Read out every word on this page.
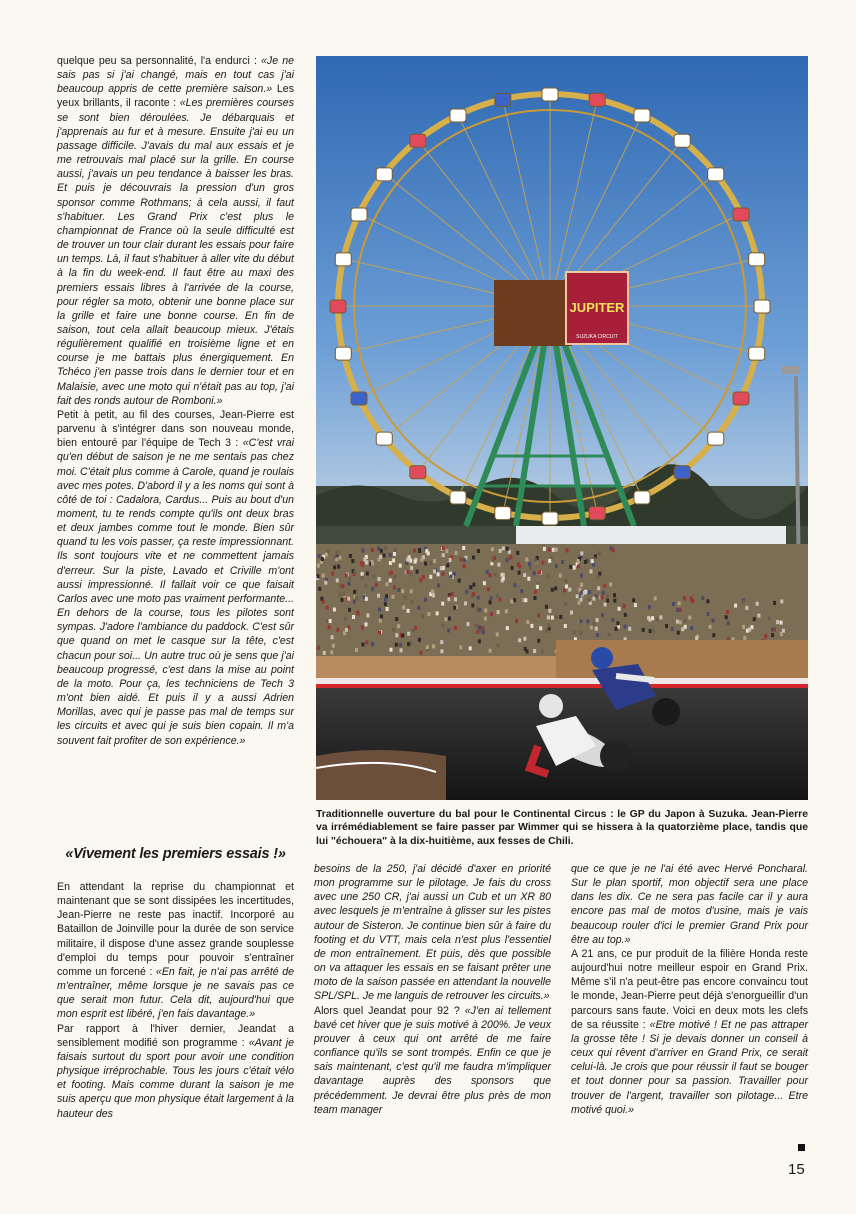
quelque peu sa personnalité, l'a endurci : «Je ne sais pas si j'ai changé, mais en tout cas j'ai beaucoup appris de cette première saison.» Les yeux brillants, il raconte : «Les premières courses se sont bien déroulées. Je débarquais et j'apprenais au fur et à mesure. Ensuite j'ai eu un passage difficile. J'avais du mal aux essais et je me retrouvais mal placé sur la grille. En course aussi, j'avais un peu tendance à baisser les bras. Et puis je découvrais la pression d'un gros sponsor comme Rothmans; à cela aussi, il faut s'habituer. Les Grand Prix c'est plus le championnat de France où la seule difficulté est de trouver un tour clair durant les essais pour faire un temps. Là, il faut s'habituer à aller vite du début à la fin du week-end. Il faut être au maxi des premiers essais libres à l'arrivée de la course, pour régler sa moto, obtenir une bonne place sur la grille et faire une bonne course. En fin de saison, tout cela allait beaucoup mieux. J'étais régulièrement qualifié en troisième ligne et en course je me battais plus énergiquement. En Tchéco j'en passe trois dans le dernier tour et en Malaisie, avec une moto qui n'était pas au top, j'ai fait des ronds autour de Romboni.»

Petit à petit, au fil des courses, Jean-Pierre est parvenu à s'intégrer dans son nouveau monde, bien entouré par l'équipe de Tech 3 : «C'est vrai qu'en début de saison je ne me sentais pas chez moi. C'était plus comme à Carole, quand je roulais avec mes potes. D'abord il y a les noms qui sont à côté de toi : Cadalora, Cardus... Puis au bout d'un moment, tu te rends compte qu'ils ont deux bras et deux jambes comme tout le monde. Bien sûr quand tu les vois passer, ça reste impressionnant. Ils sont toujours vite et ne commettent jamais d'erreur. Sur la piste, Lavado et Criville m'ont aussi impressionné. Il fallait voir ce que faisait Carlos avec une moto pas vraiment performante... En dehors de la course, tous les pilotes sont sympas. J'adore l'ambiance du paddock. C'est sûr que quand on met le casque sur la tête, c'est chacun pour soi... Un autre truc où je sens que j'ai beaucoup progressé, c'est dans la mise au point de la moto. Pour ça, les techniciens de Tech 3 m'ont bien aidé. Et puis il y a aussi Adrien Morillas, avec qui je passe pas mal de temps sur les circuits et avec qui je suis bien copain. Il m'a souvent fait profiter de son expérience.»

JUPITER
SUZUKA CIRCUIT
Traditionnelle ouverture du bal pour le Continental Circus : le GP du Japon à Suzuka. Jean-Pierre va irrémédiablement se faire passer par Wimmer qui se hissera à la quatorzième place, tandis que lui "échouera" à la dix-huitième, aux fesses de Chili.
«Vivement les premiers essais !»

En attendant la reprise du championnat et maintenant que se sont dissipées les incertitudes, Jean-Pierre ne reste pas inactif. Incorporé au Bataillon de Joinville pour la durée de son service militaire, il dispose d'une assez grande souplesse d'emploi du temps pour pouvoir s'entraîner comme un forcené : «En fait, je n'ai pas arrêté de m'entraîner, même lorsque je ne savais pas ce que serait mon futur. Cela dit, aujourd'hui que mon esprit est libéré, j'en fais davantage.»

Par rapport à l'hiver dernier, Jeandat a sensiblement modifié son programme : «Avant je faisais surtout du sport pour avoir une condition physique irréprochable. Tous les jours c'était vélo et footing. Mais comme durant la saison je me suis aperçu que mon physique était largement à la hauteur des

besoins de la 250, j'ai décidé d'axer en priorité mon programme sur le pilotage. Je fais du cross avec une 250 CR, j'ai aussi un Cub et un XR 80 avec lesquels je m'entraîne à glisser sur les pistes autour de Sisteron. Je continue bien sûr à faire du footing et du VTT, mais cela n'est plus l'essentiel de mon entraînement. Et puis, dès que possible on va attaquer les essais en se faisant prêter une moto de la saison passée en attendant la nouvelle SPL/SPL. Je me languis de retrouver les circuits.»

Alors quel Jeandat pour 92 ? «J'en ai tellement bavé cet hiver que je suis motivé à 200%. Je veux prouver à ceux qui ont arrêté de me faire confiance qu'ils se sont trompés. Enfin ce que je sais maintenant, c'est qu'il me faudra m'impliquer davantage auprès des sponsors que précédemment. Je devrai être plus près de mon team manager

que ce que je ne l'ai été avec Hervé Poncharal. Sur le plan sportif, mon objectif sera une place dans les dix. Ce ne sera pas facile car il y aura encore pas mal de motos d'usine, mais je vais beaucoup rouler d'ici le premier Grand Prix pour être au top.»

A 21 ans, ce pur produit de la filière Honda reste aujourd'hui notre meilleur espoir en Grand Prix. Même s'il n'a peut-être pas encore convaincu tout le monde, Jean-Pierre peut déjà s'enorgueillir d'un parcours sans faute. Voici en deux mots les clefs de sa réussite : «Etre motivé ! Et ne pas attraper la grosse tête ! Si je devais donner un conseil à ceux qui rêvent d'arriver en Grand Prix, ce serait celui-là. Je crois que pour réussir il faut se bouger et tout donner pour sa passion. Travailler pour trouver de l'argent, travailler son pilotage... Etre motivé quoi.»

15
